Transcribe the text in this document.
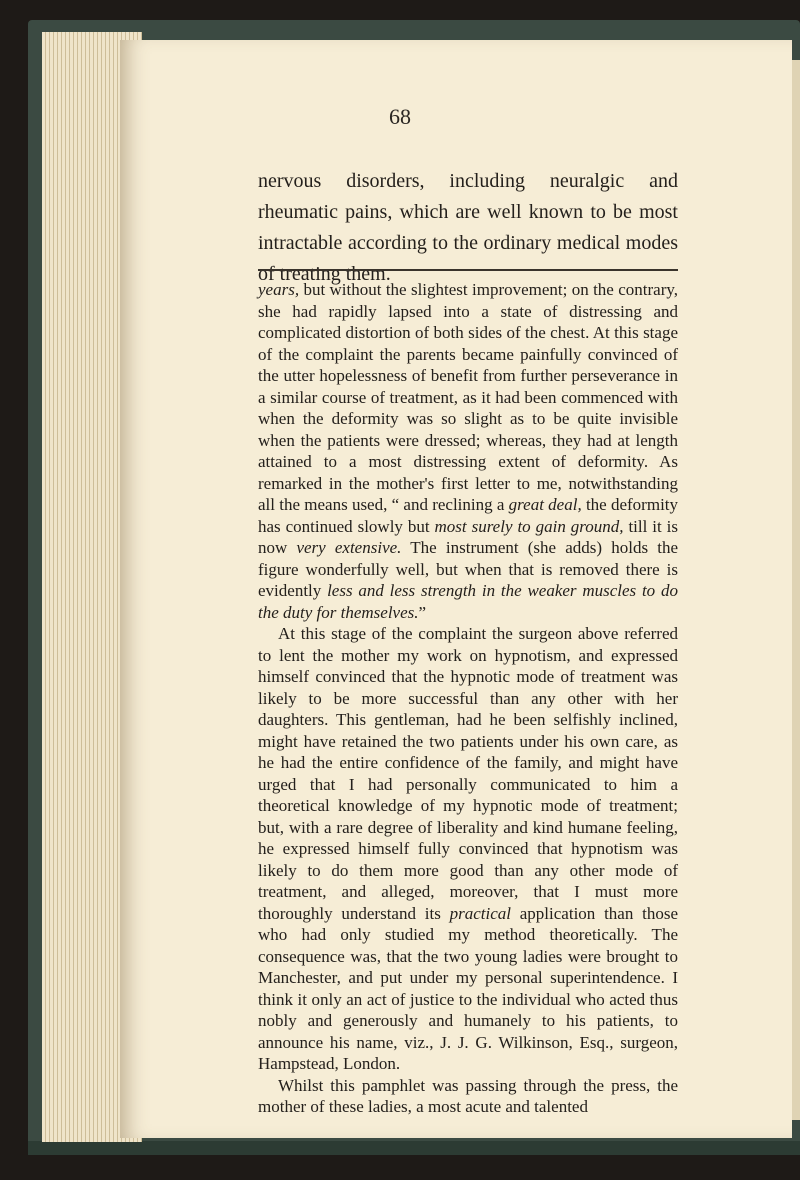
68

nervous disorders, including neuralgic and rheumatic pains, which are well known to be most intractable according to the ordinary medical modes of treating them.

years, but without the slightest improvement; on the contrary, she had rapidly lapsed into a state of distressing and complicated distortion of both sides of the chest. At this stage of the complaint the parents became painfully convinced of the utter hopelessness of benefit from further perseverance in a similar course of treatment, as it had been commenced with when the deformity was so slight as to be quite invisible when the patients were dressed; whereas, they had at length attained to a most distressing extent of deformity. As remarked in the mother's first letter to me, notwithstanding all the means used, “ and reclining a great deal, the deformity has continued slowly but most surely to gain ground, till it is now very extensive. The instrument (she adds) holds the figure wonderfully well, but when that is removed there is evidently less and less strength in the weaker muscles to do the duty for themselves.”

At this stage of the complaint the surgeon above referred to lent the mother my work on hypnotism, and expressed himself convinced that the hypnotic mode of treatment was likely to be more successful than any other with her daughters. This gentleman, had he been selfishly inclined, might have retained the two patients under his own care, as he had the entire confidence of the family, and might have urged that I had personally communicated to him a theoretical knowledge of my hypnotic mode of treatment; but, with a rare degree of liberality and kind humane feeling, he expressed himself fully convinced that hypnotism was likely to do them more good than any other mode of treatment, and alleged, moreover, that I must more thoroughly understand its practical application than those who had only studied my method theoretically. The consequence was, that the two young ladies were brought to Manchester, and put under my personal superintendence. I think it only an act of justice to the individual who acted thus nobly and generously and humanely to his patients, to announce his name, viz., J. J. G. Wilkinson, Esq., surgeon, Hampstead, London.

Whilst this pamphlet was passing through the press, the mother of these ladies, a most acute and talented
